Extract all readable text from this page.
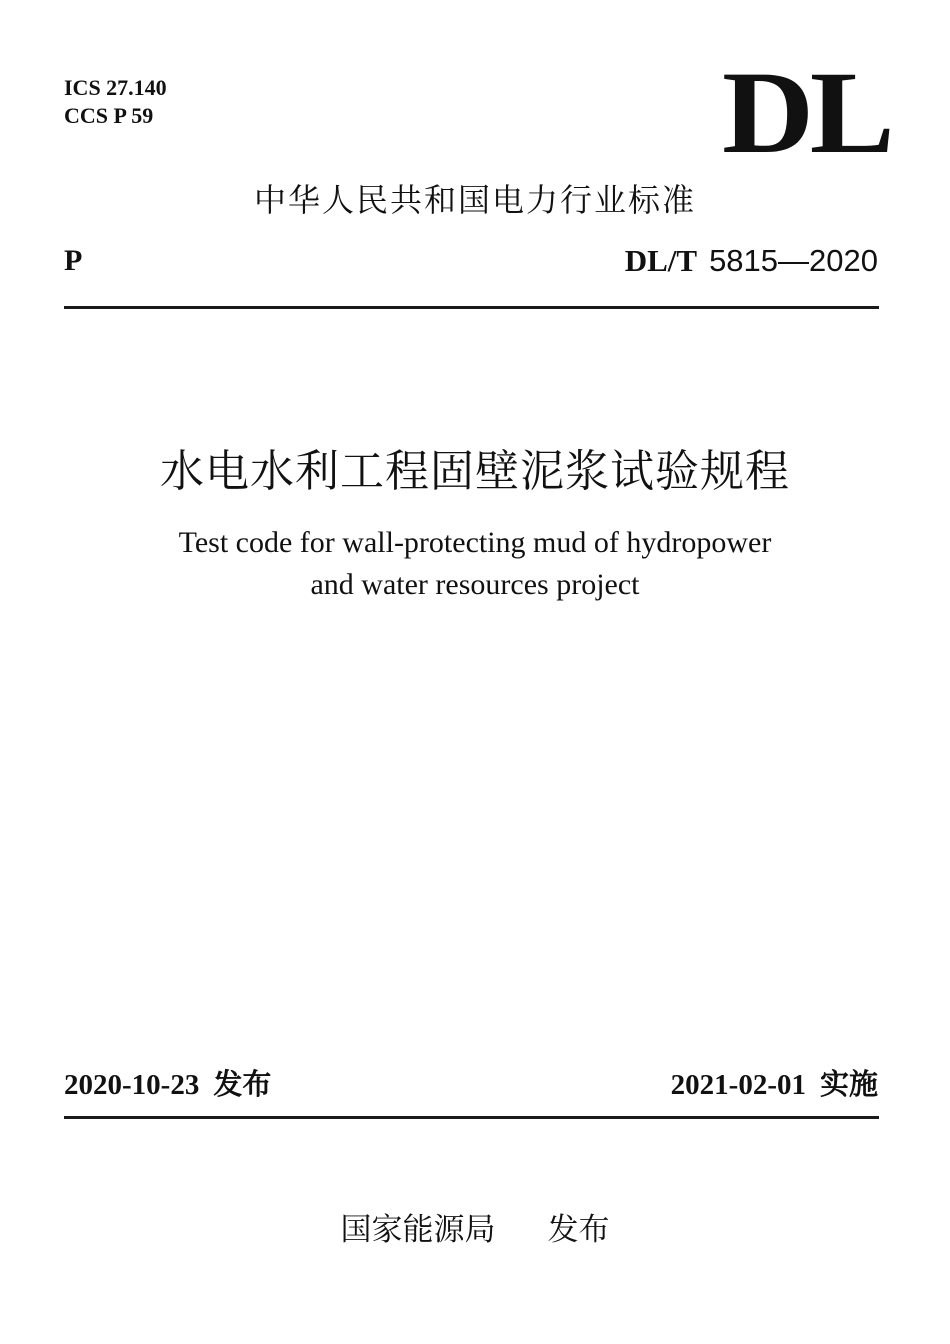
ICS 27.140
CCS P 59	DL
中华人民共和国电力行业标准
P	DL/T 5815—2020
水电水利工程固壁泥浆试验规程
Test code for wall-protecting mud of hydropower
and water resources project
2020-10-23 发布	2021-02-01 实施
国家能源局 发布
